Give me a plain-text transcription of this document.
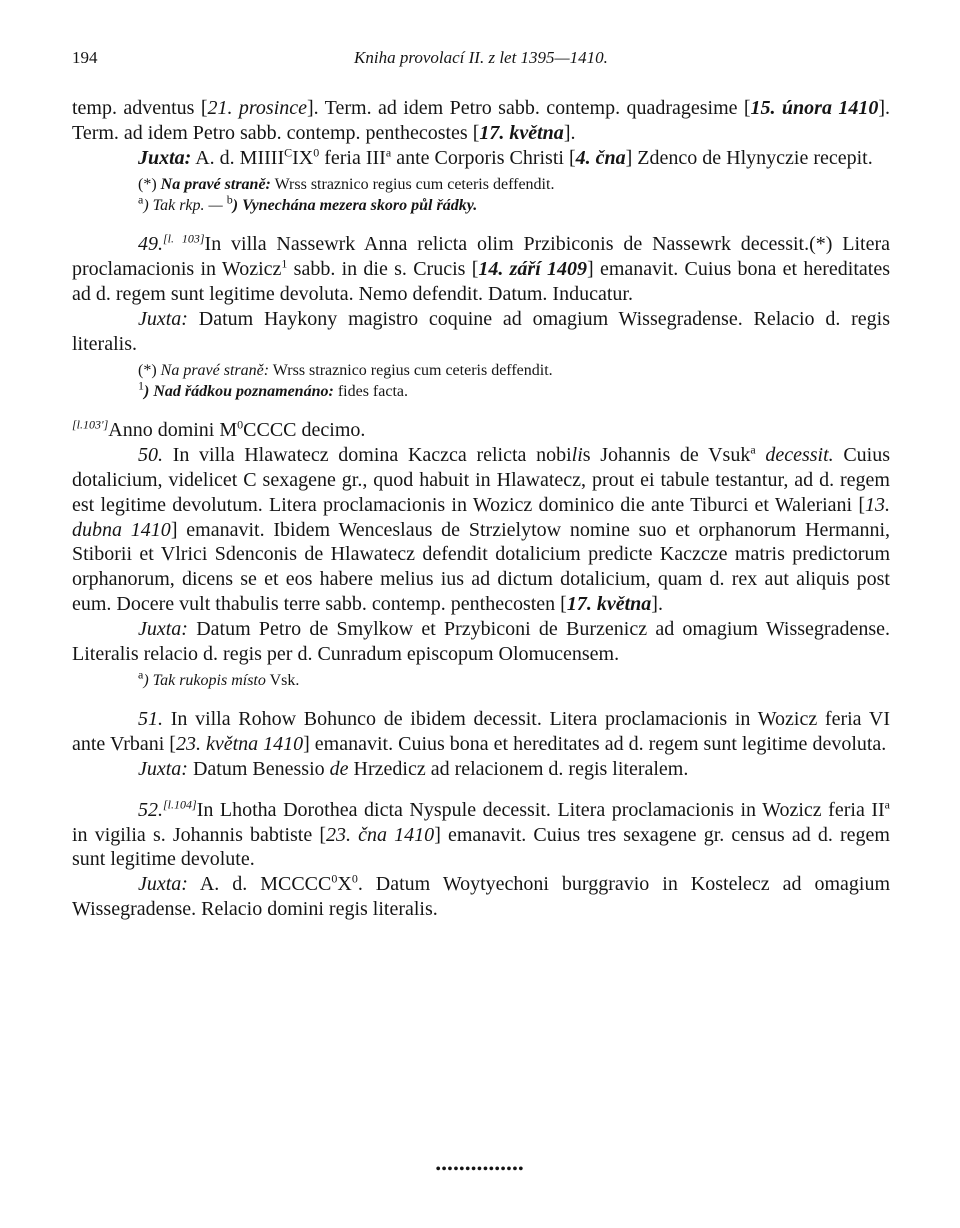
194	Kniha provolací II. z let 1395—1410.

temp. adventus [21. prosince]. Term. ad idem Petro sabb. contemp. quadragesime [15. února 1410]. Term. ad idem Petro sabb. contemp. penthecostes [17. května].

Juxta: A. d. $MIIII^CIX^0$ feria III$^a$ ante Corporis Christi [4. čna] Zdenco de Hlynyczie recepit.

(*) Na pravé straně: Wrss straznico regius cum ceteris deffendit.

$^a$) Tak rkp. — $^b$) Vynechána mezera skoro půl řádky.

49.[l. 103]In villa Nassewrk Anna relicta olim Przibiconis de Nassewrk decessit.(*) Litera proclamacionis in Wozicz$^1$ sabb. in die s. Crucis [14. září 1409] emanavit. Cuius bona et hereditates ad d. regem sunt legitime devoluta. Nemo defendit. Datum. Inducatur.

Juxta: Datum Haykony magistro coquine ad omagium Wissegradense. Relacio d. regis literalis.

(*) Na pravé straně: Wrss straznico regius cum ceteris deffendit.

$^1$) Nad řádkou poznamenáno: fides facta.

[l.103']Anno domini $M^0CCCC$ decimo.

50. In villa Hlawatecz domina Kaczca relicta nobilis Johannis de Vsuk$^a$ decessit. Cuius dotalicium, videlicet C sexagene gr., quod habuit in Hlawatecz, prout ei tabule testantur, ad d. regem est legitime devolutum. Litera proclamacionis in Wozicz dominico die ante Tiburci et Waleriani [13. dubna 1410] emanavit. Ibidem Wenceslaus de Strzielytow nomine suo et orphanorum Hermanni, Stiborii et Vlrici Sdenconis de Hlawatecz defendit dotalicium predicte Kaczcze matris predictorum orphanorum, dicens se et eos habere melius ius ad dictum dotalicium, quam d. rex aut aliquis post eum. Docere vult thabulis terre sabb. contemp. penthecosten [17. května].

Juxta: Datum Petro de Smylkow et Przybiconi de Burzenicz ad omagium Wissegradense. Literalis relacio d. regis per d. Cunradum episcopum Olomucensem.

$^a$) Tak rukopis místo Vsk.

51. In villa Rohow Bohunco de ibidem decessit. Litera proclamacionis in Wozicz feria VI ante Vrbani [23. května 1410] emanavit. Cuius bona et hereditates ad d. regem sunt legitime devoluta.

Juxta: Datum Benessio de Hrzedicz ad relacionem d. regis literalem.

52.[l.104]In Lhotha Dorothea dicta Nyspule decessit. Litera proclamacionis in Wozicz feria $II^a$ in vigilia s. Johannis babtiste [23. čna 1410] emanavit. Cuius tres sexagene gr. census ad d. regem sunt legitime devolute.

Juxta: A. d. $MCCCC^0X^0$. Datum Woytyechoni burggravio in Kostelecz ad omagium Wissegradense. Relacio domini regis literalis.

•••••••••••••••
